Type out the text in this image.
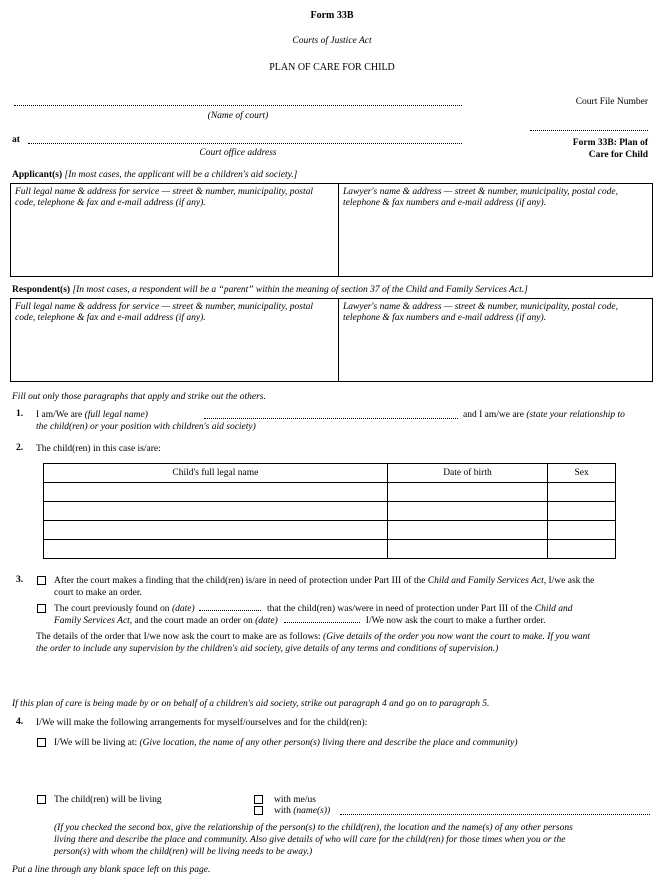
Form 33B
Courts of Justice Act
PLAN OF CARE FOR CHILD
(Name of court)
Court File Number
at
Court office address
Form 33B: Plan of
Care for Child
Applicant(s) [In most cases, the applicant will be a children's aid society.]
Full legal name & address for service — street & number, municipality, postal code, telephone & fax and e-mail address (if any).
Lawyer's name & address — street & number, municipality, postal code, telephone & fax numbers and e-mail address (if any).
Respondent(s) [In most cases, a respondent will be a “parent” within the meaning of section 37 of the Child and Family Services Act.]
Full legal name & address for service — street & number, municipality, postal code, telephone & fax and e-mail address (if any).
Lawyer's name & address — street & number, municipality, postal code, telephone & fax numbers and e-mail address (if any).
Fill out only those paragraphs that apply and strike out the others.
1. I am/We are (full legal name)	and I am/we are (state your relationship to
the child(ren) or your position with children's aid society)
2. The child(ren) in this case is/are:
Child's full legal name	Date of birth	Sex

3.	After the court makes a finding that the child(ren) is/are in need of protection under Part III of the Child and Family Services Act, I/we ask the
court to make an order.
The court previously found on (date)	that the child(ren) was/were in need of protection under Part III of the Child and
Family Services Act, and the court made an order on (date)	I/We now ask the court to make a further order.
The details of the order that I/we now ask the court to make are as follows: (Give details of the order you now want the court to make. If you want
the order to include any supervision by the children's aid society, give details of any terms and conditions of supervision.)
If this plan of care is being made by or on behalf of a children's aid society, strike out paragraph 4 and go on to paragraph 5.
4. I/We will make the following arrangements for myself/ourselves and for the child(ren):
I/We will be living at: (Give location, the name of any other person(s) living there and describe the place and community)
The child(ren) will be living	with me/us
with (name(s))
(If you checked the second box, give the relationship of the person(s) to the child(ren), the location and the name(s) of any other persons
living there and describe the place and community. Also give details of who will care for the child(ren) for those times when you or the
person(s) with whom the child(ren) will be living needs to be away.)
Put a line through any blank space left on this page.
